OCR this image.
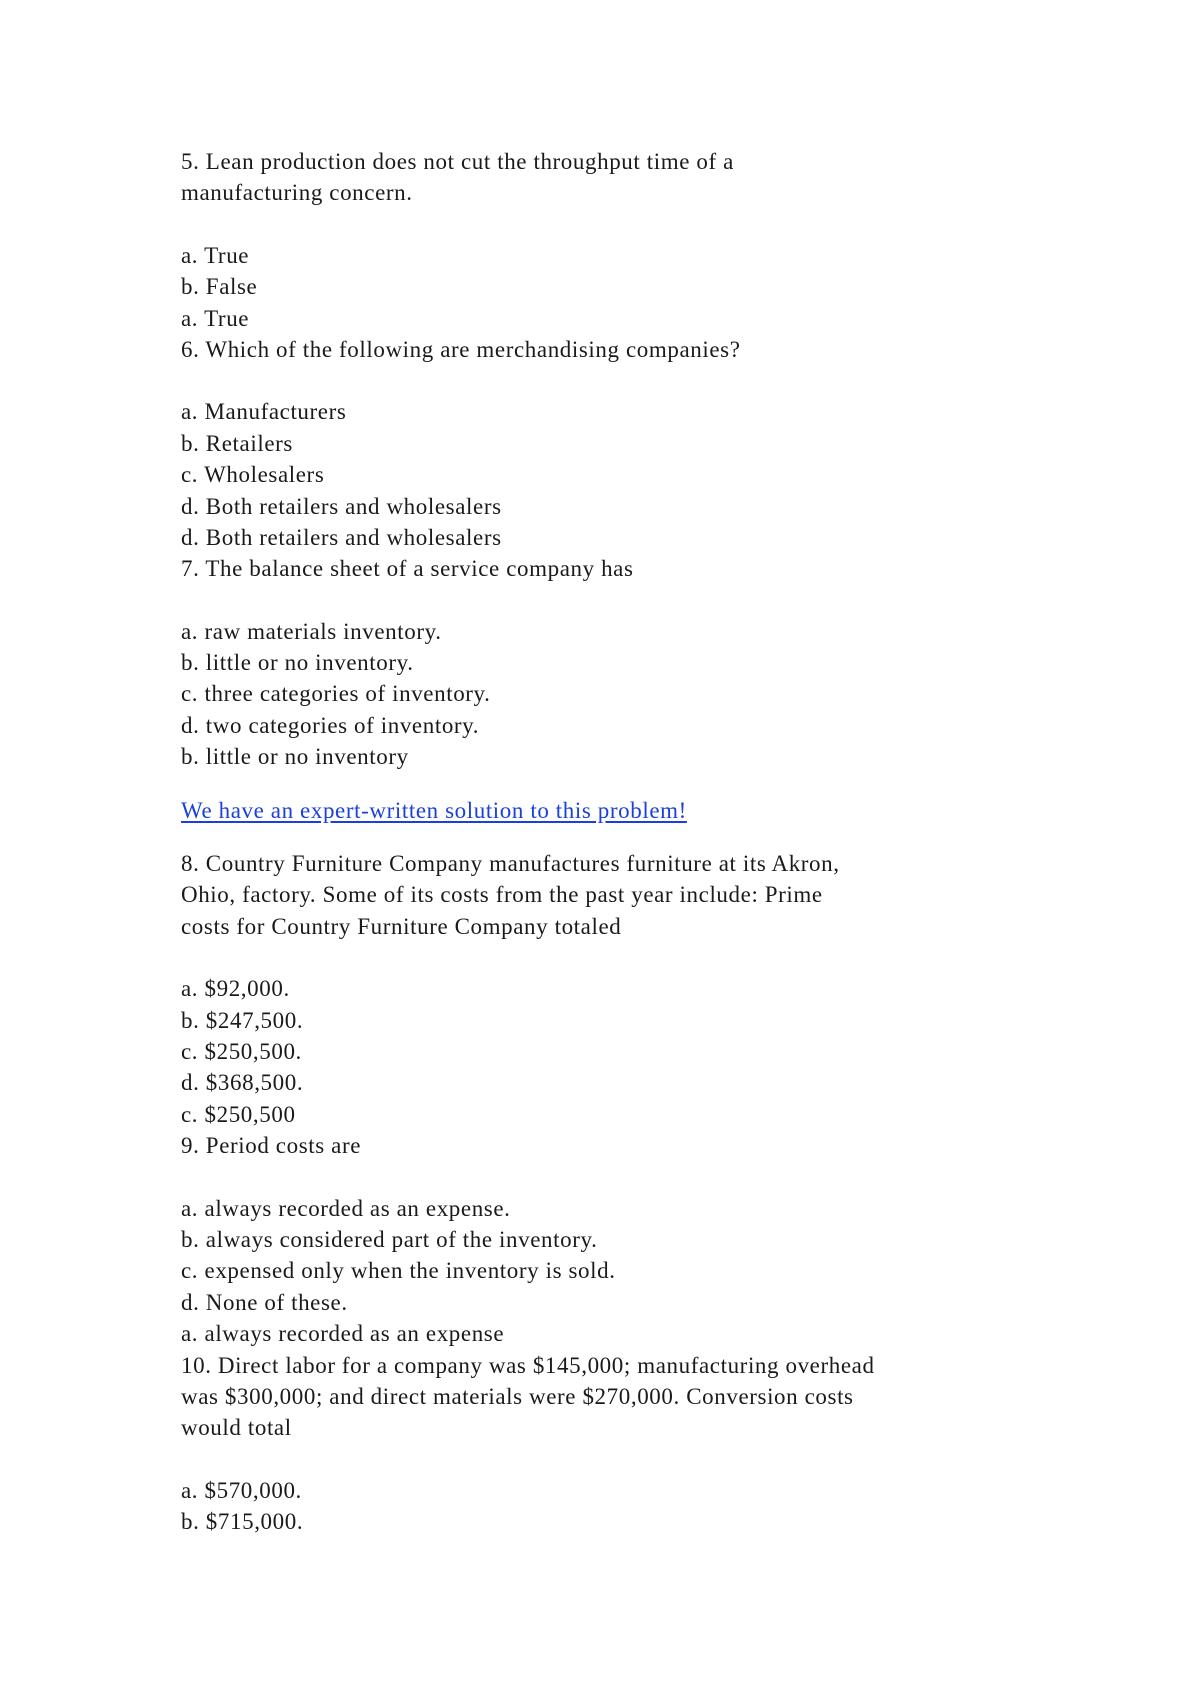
5. Lean production does not cut the throughput time of a
manufacturing concern.
a. True
b. False
a. True
6. Which of the following are merchandising companies?
a. Manufacturers
b. Retailers
c. Wholesalers
d. Both retailers and wholesalers
d. Both retailers and wholesalers
7. The balance sheet of a service company has
a. raw materials inventory.
b. little or no inventory.
c. three categories of inventory.
d. two categories of inventory.
b. little or no inventory
We have an expert-written solution to this problem!
8. Country Furniture Company manufactures furniture at its Akron,
Ohio, factory. Some of its costs from the past year include: Prime
costs for Country Furniture Company totaled
a. $92,000.
b. $247,500.
c. $250,500.
d. $368,500.
c. $250,500
9. Period costs are
a. always recorded as an expense.
b. always considered part of the inventory.
c. expensed only when the inventory is sold.
d. None of these.
a. always recorded as an expense
10. Direct labor for a company was $145,000; manufacturing overhead
was $300,000; and direct materials were $270,000. Conversion costs
would total
a. $570,000.
b. $715,000.
